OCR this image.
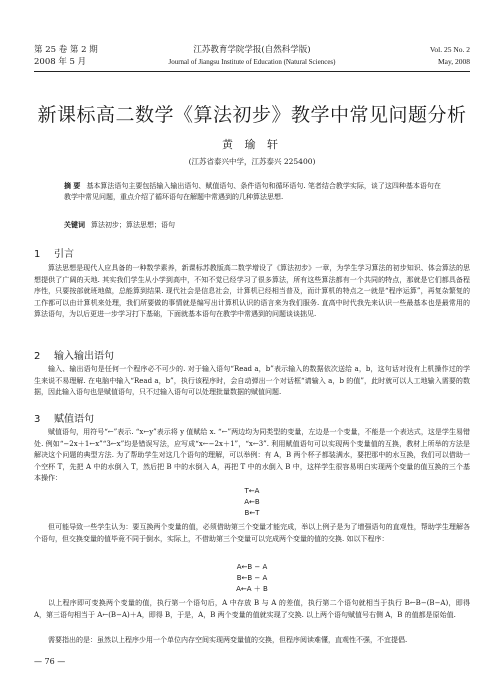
第 25 卷 第 2 期
2008 年 5 月
江苏教育学院学报(自然科学版)
Journal of Jiangsu Institute of Education (Natural Sciences)
Vol. 25 No. 2
May, 2008
新课标高二数学《算法初步》教学中常见问题分析
黄 瑜 轩
(江苏省泰兴中学，江苏泰兴 225400)
摘 要 基本算法语句主要包括输入输出语句、赋值语句、条件语句和循环语句. 笔者结合教学实际，谈了这四种基本语句在教学中常见问题，重点介绍了循环语句在解题中常遇到的几种算法思想.
关键词 算法初步；算法思想；语句
1 引言

算法思想是现代人应具备的一种数学素养，新课标苏教版高二数学增设了《算法初步》一章，为学生学习算法的初步知识、体会算法的思想提供了广阔的天地. 其实我们学生从小学到高中，不知不觉已经学习了很多算法，所有这些算法都有一个共同的特点，那就是它们都具备程序性，只要按部就班地做，总能算到结果. 现代社会是信息社会，计算机已经相当普及，而计算机的特点之一就是“程序运算”，再复杂繁复的工作都可以由计算机来处理，我们所要做的事情就是编写出计算机认识的语言来为我们服务. 直高中时代我先来认识一些最基本也是最常用的算法语句，为以后更进一步学习打下基础，下面就基本语句在教学中常遇到的问题谈谈拙见.

2 输入输出语句

输入、输出语句是任何一个程序必不可少的. 对于输入语句“Read a，b”表示输入的数据依次送给 a，b，这句话对没有上机操作过的学生来说不易理解. 在电脑中输入“Read a，b”，执行该程序时，会自动弹出一个对话框“请输入 a，b 的值”，此时就可以人工地输入需要的数据，因此输入语句也是赋值语句，只不过输入语句可以处理批量数据的赋值问题.

3 赋值语句

赋值语句，用符号“←”表示. “x←y”表示将 y 值赋给 x. “←”两边均为同类型的变量，左边是一个变量，不能是一个表达式，这是学生易错处. 例如“−2x＋1←x”“3←x”均是错误写法，应写成“x←−2x＋1”，“x←3”. 利用赋值语句可以实现两个变量值的互换，教材上所举的方法是解决这个问题的典型方法. 为了帮助学生对这几个语句的理解，可以举例：有 A，B 两个杯子都装满水，要把那中的水互换，我们可以借助一个空杯 T，先把 A 中的水倒入 T，然后把 B 中的水倒入 A，再把 T 中的水倒入 B 中，这样学生很容易明白实现两个变量的值互换的三个基本操作：

T←A
A←B
B←T

但可能导致一些学生认为：要互换两个变量的值，必须借助第三个变量才能完成，举以上例子是为了增强语句的直观性，帮助学生理解各个语句，但交换变量的值毕竟不同于倒水，实际上，不借助第三个变量可以完成两个变量的值的交换. 如以下程序：

A←B − A
B←B − A
A←A ＋ B

以上程序即可变换两个变量的值，执行第一个语句后，A 中存放 B 与 A 的差值，执行第二个语句就相当于执行 B←B−(B−A)，即得 A，第三语句相当于 A←(B−A)＋A，即得 B，于是，A，B 两个变量的值就实现了交换. 以上两个语句赋值号右侧 A，B 的值都是原始值.

需要指出的是：虽然以上程序少用一个单位内存空间实现两变量值的交换，但程序阅读难懂，直观性不强，不宜提倡.

— 76 —
